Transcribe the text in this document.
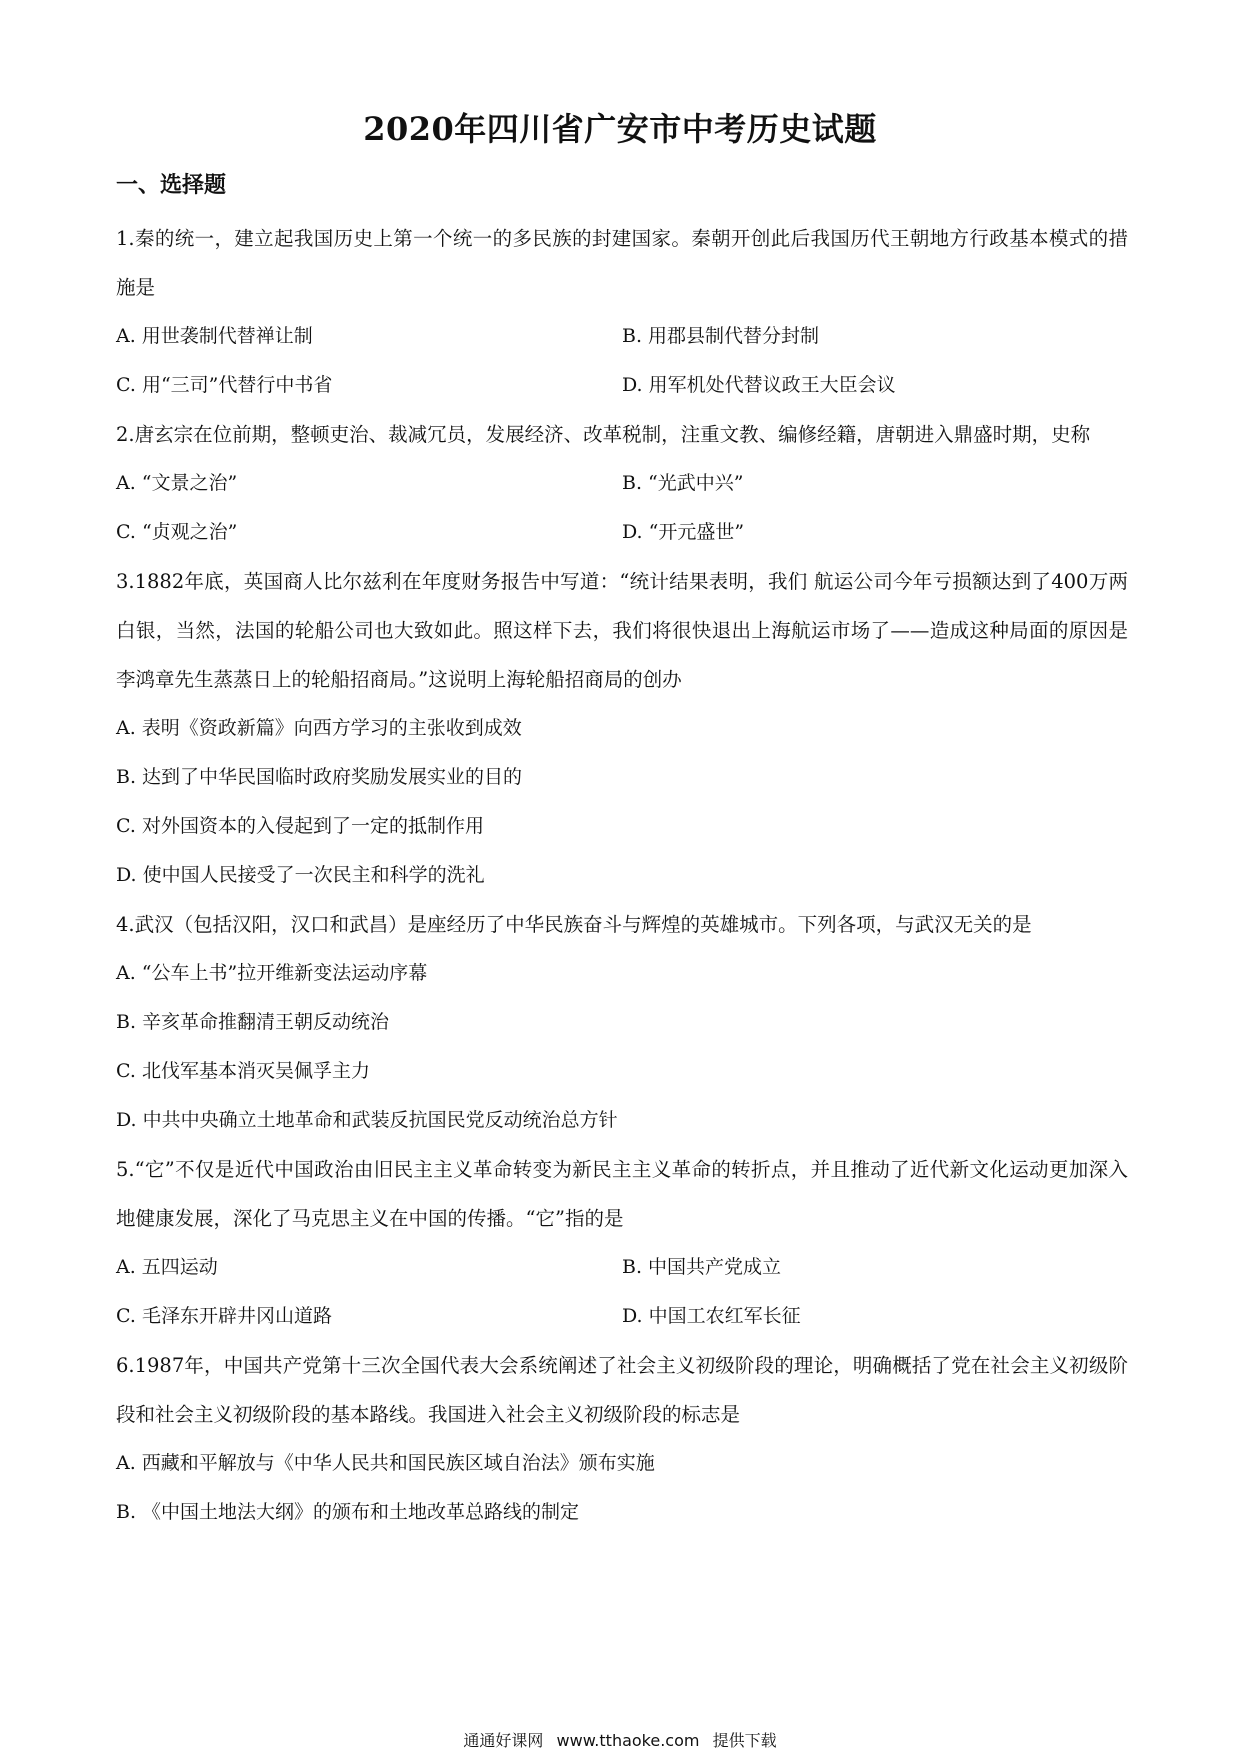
2020年四川省广安市中考历史试题
一、选择题

1.秦的统一，建立起我国历史上第一个统一的多民族的封建国家。秦朝开创此后我国历代王朝地方行政基本模式的措施是

A. 用世袭制代替禅让制	B. 用郡县制代替分封制
C. 用“三司”代替行中书省	D. 用军机处代替议政王大臣会议

2.唐玄宗在位前期，整顿吏治、裁减冗员，发展经济、改革税制，注重文教、编修经籍，唐朝进入鼎盛时期，史称

A. “文景之治”	B. “光武中兴”
C. “贞观之治”	D. “开元盛世”

3.1882年底，英国商人比尔兹利在年度财务报告中写道：“统计结果表明，我们 航运公司今年亏损额达到了400万两白银，当然，法国的轮船公司也大致如此。照这样下去，我们将很快退出上海航运市场了——造成这种局面的原因是李鸿章先生蒸蒸日上的轮船招商局。”这说明上海轮船招商局的创办

A. 表明《资政新篇》向西方学习的主张收到成效
B. 达到了中华民国临时政府奖励发展实业的目的
C. 对外国资本的入侵起到了一定的抵制作用
D. 使中国人民接受了一次民主和科学的洗礼

4.武汉（包括汉阳，汉口和武昌）是座经历了中华民族奋斗与辉煌的英雄城市。下列各项，与武汉无关的是

A. “公车上书”拉开维新变法运动序幕
B. 辛亥革命推翻清王朝反动统治
C. 北伐军基本消灭吴佩孚主力
D. 中共中央确立土地革命和武装反抗国民党反动统治总方针

5.“它”不仅是近代中国政治由旧民主主义革命转变为新民主主义革命的转折点，并且推动了近代新文化运动更加深入地健康发展，深化了马克思主义在中国的传播。“它”指的是

A. 五四运动	B. 中国共产党成立
C. 毛泽东开辟井冈山道路	D. 中国工农红军长征

6.1987年，中国共产党第十三次全国代表大会系统阐述了社会主义初级阶段的理论，明确概括了党在社会主义初级阶段和社会主义初级阶段的基本路线。我国进入社会主义初级阶段的标志是

A. 西藏和平解放与《中华人民共和国民族区域自治法》颁布实施
B. 《中国土地法大纲》的颁布和土地改革总路线的制定
通通好课网 www.tthaoke.com 提供下载
